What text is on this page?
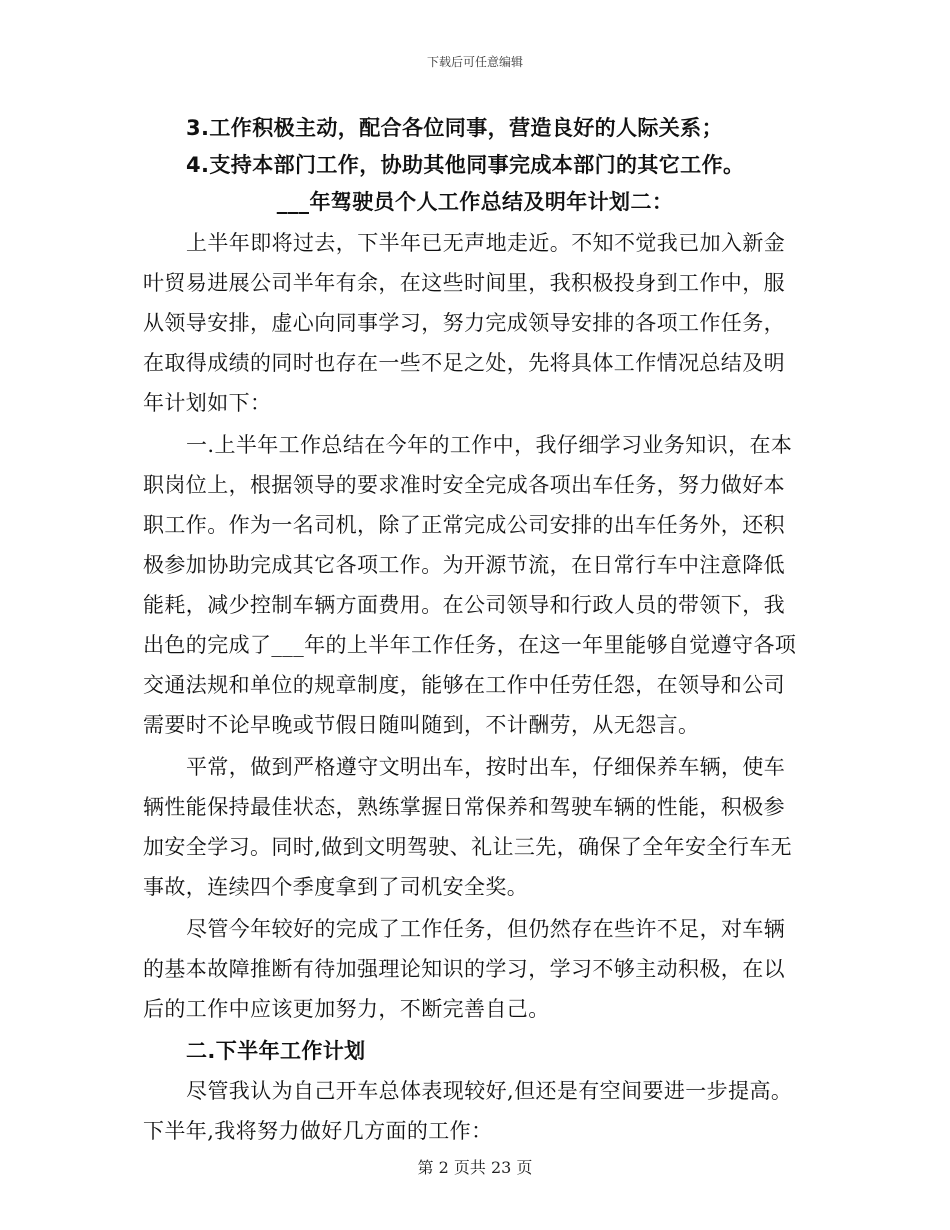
下载后可任意编辑
3.工作积极主动，配合各位同事，营造良好的人际关系；
4.支持本部门工作，协助其他同事完成本部门的其它工作。
___年驾驶员个人工作总结及明年计划二：
上半年即将过去，下半年已无声地走近。不知不觉我已加入新金
叶贸易进展公司半年有余，在这些时间里，我积极投身到工作中，服
从领导安排，虚心向同事学习，努力完成领导安排的各项工作任务，
在取得成绩的同时也存在一些不足之处，先将具体工作情况总结及明
年计划如下：
一.上半年工作总结在今年的工作中，我仔细学习业务知识，在本
职岗位上，根据领导的要求准时安全完成各项出车任务，努力做好本
职工作。作为一名司机，除了正常完成公司安排的出车任务外，还积
极参加协助完成其它各项工作。为开源节流，在日常行车中注意降低
能耗，减少控制车辆方面费用。在公司领导和行政人员的带领下，我
出色的完成了___年的上半年工作任务，在这一年里能够自觉遵守各项
交通法规和单位的规章制度，能够在工作中任劳任怨，在领导和公司
需要时不论早晚或节假日随叫随到，不计酬劳，从无怨言。
平常，做到严格遵守文明出车，按时出车，仔细保养车辆，使车
辆性能保持最佳状态，熟练掌握日常保养和驾驶车辆的性能，积极参
加安全学习。同时,做到文明驾驶、礼让三先，确保了全年安全行车无
事故，连续四个季度拿到了司机安全奖。
尽管今年较好的完成了工作任务，但仍然存在些许不足，对车辆
的基本故障推断有待加强理论知识的学习，学习不够主动积极，在以
后的工作中应该更加努力，不断完善自己。
二.下半年工作计划
尽管我认为自己开车总体表现较好,但还是有空间要进一步提高。
下半年,我将努力做好几方面的工作：
第 2 页共 23 页
